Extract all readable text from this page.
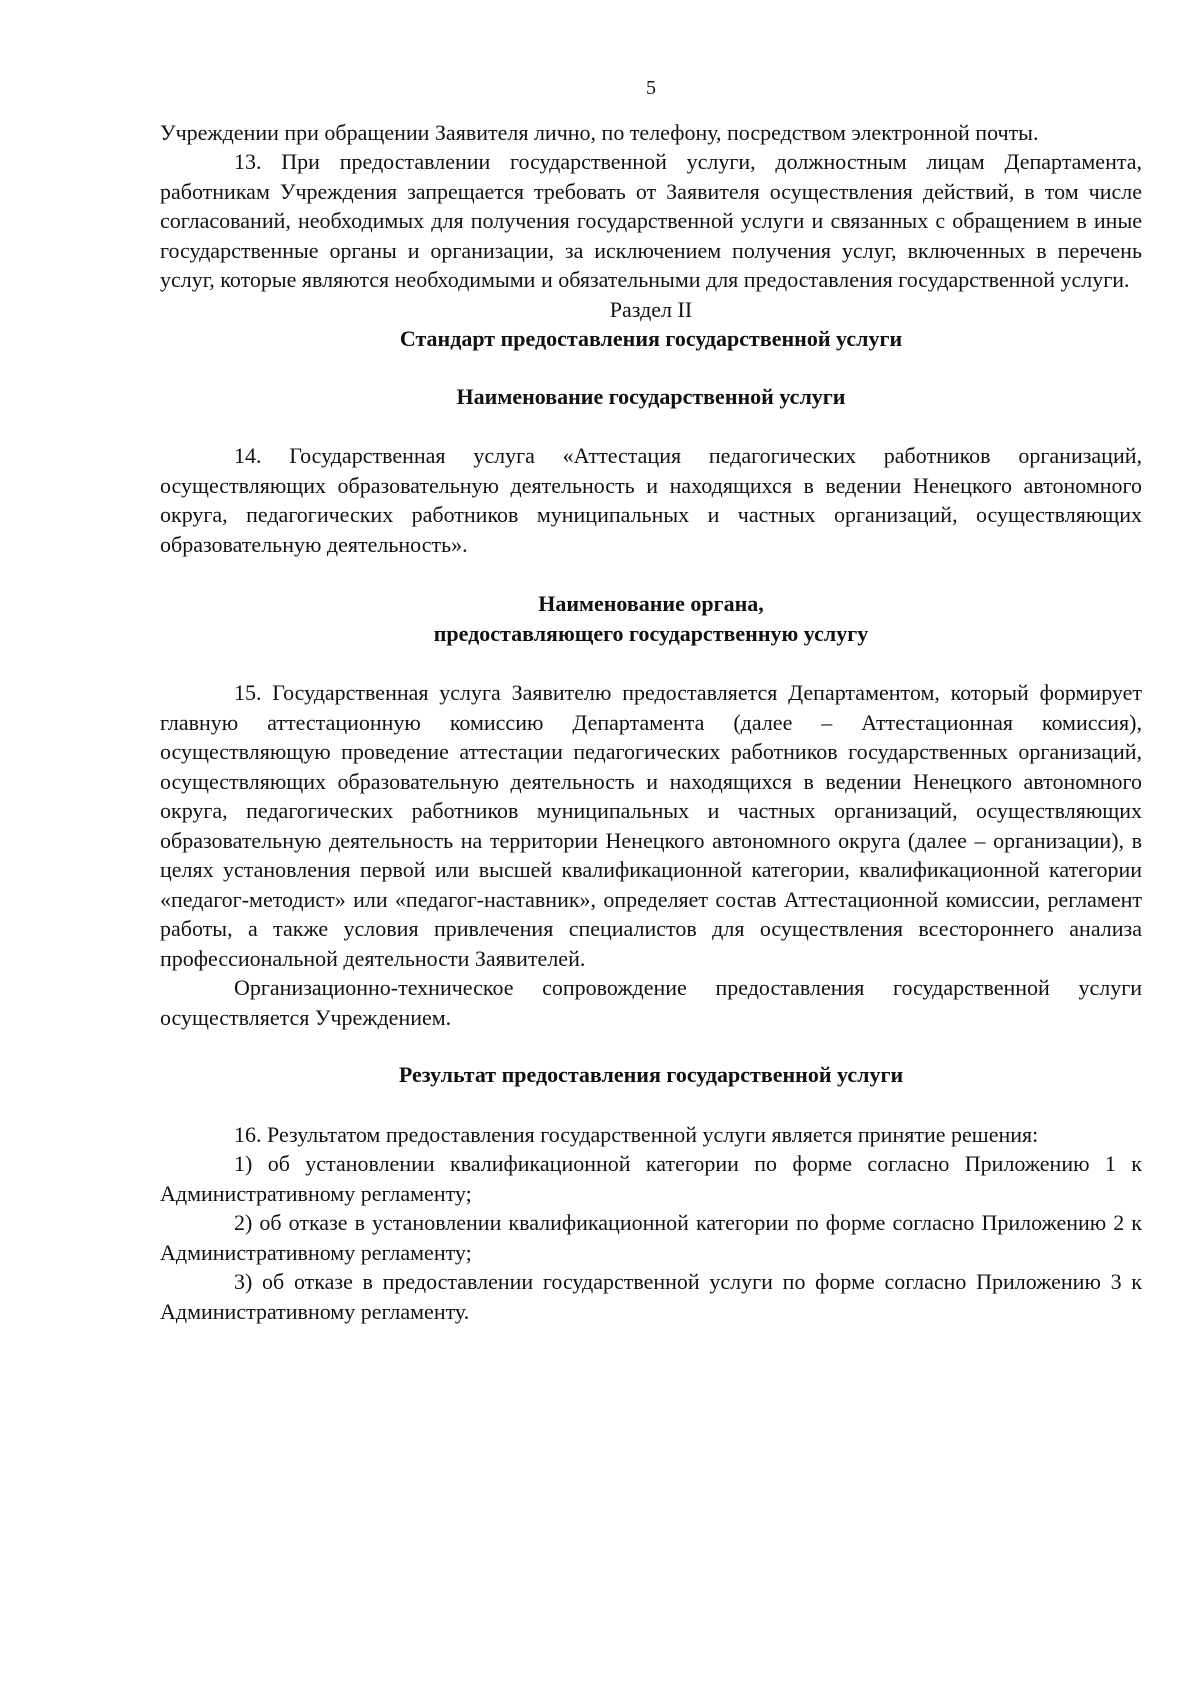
5

Учреждении при обращении Заявителя лично, по телефону, посредством электронной почты.

13. При предоставлении государственной услуги, должностным лицам Департамента, работникам Учреждения запрещается требовать от Заявителя осуществления действий, в том числе согласований, необходимых для получения государственной услуги и связанных с обращением в иные государственные органы и организации, за исключением получения услуг, включенных в перечень услуг, которые являются необходимыми и обязательными для предоставления государственной услуги.

Раздел II
Стандарт предоставления государственной услуги
Наименование государственной услуги

14. Государственная услуга «Аттестация педагогических работников организаций, осуществляющих образовательную деятельность и находящихся в ведении Ненецкого автономного округа, педагогических работников муниципальных и частных организаций, осуществляющих образовательную деятельность».

Наименование органа,
предоставляющего государственную услугу

15. Государственная услуга Заявителю предоставляется Департаментом, который формирует главную аттестационную комиссию Департамента (далее – Аттестационная комиссия), осуществляющую проведение аттестации педагогических работников государственных организаций, осуществляющих образовательную деятельность и находящихся в ведении Ненецкого автономного округа, педагогических работников муниципальных и частных организаций, осуществляющих образовательную деятельность на территории Ненецкого автономного округа (далее – организации), в целях установления первой или высшей квалификационной категории, квалификационной категории «педагог-методист» или «педагог-наставник», определяет состав Аттестационной комиссии, регламент работы, а также условия привлечения специалистов для осуществления всестороннего анализа профессиональной деятельности Заявителей.

Организационно-техническое сопровождение предоставления государственной услуги осуществляется Учреждением.

Результат предоставления государственной услуги

16. Результатом предоставления государственной услуги является принятие решения:

1) об установлении квалификационной категории по форме согласно Приложению 1 к Административному регламенту;

2) об отказе в установлении квалификационной категории по форме согласно Приложению 2 к Административному регламенту;

3) об отказе в предоставлении государственной услуги по форме согласно Приложению 3 к Административному регламенту.
